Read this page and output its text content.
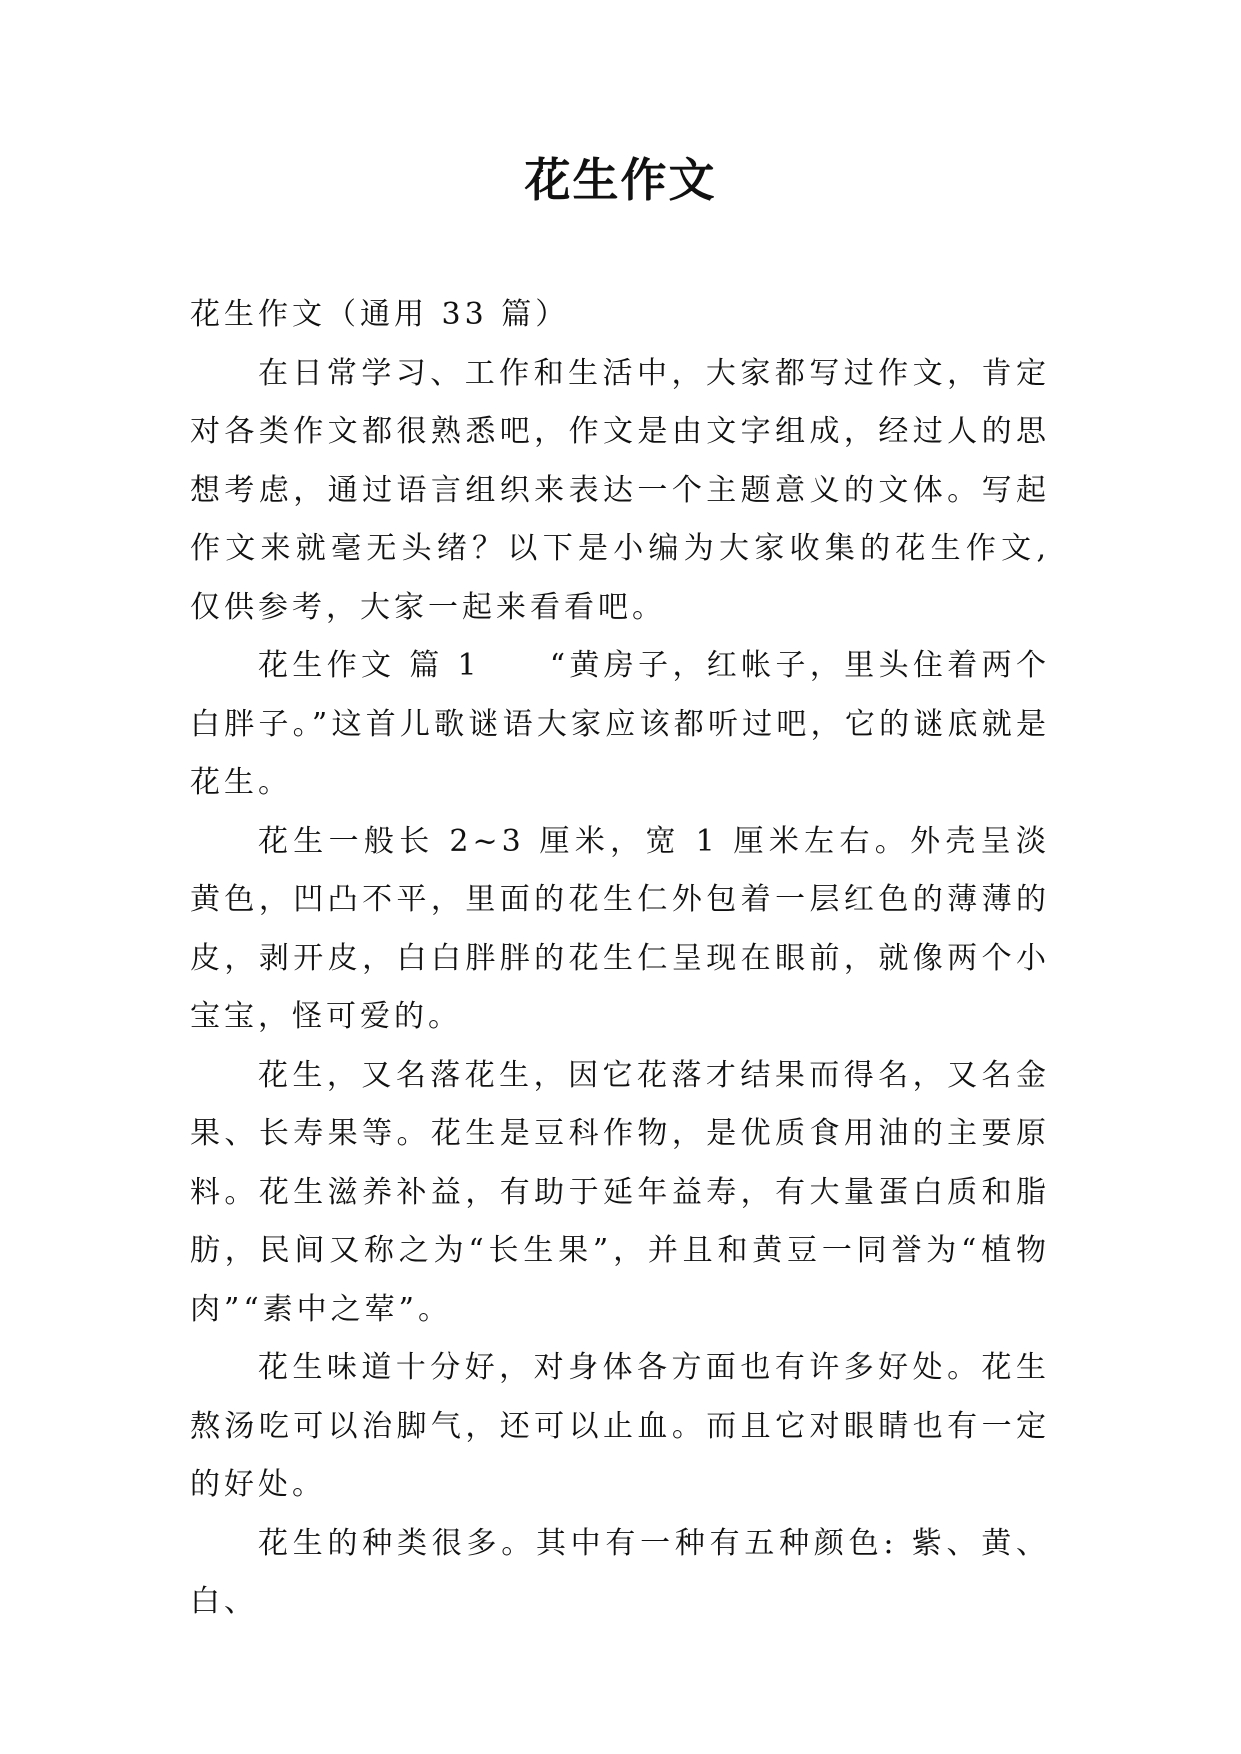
花生作文

花生作文（通用 33 篇）

在日常学习、工作和生活中，大家都写过作文，肯定对各类作文都很熟悉吧，作文是由文字组成，经过人的思想考虑，通过语言组织来表达一个主题意义的文体。写起作文来就毫无头绪？以下是小编为大家收集的花生作文,仅供参考，大家一起来看看吧。

花生作文 篇 1　　“黄房子，红帐子，里头住着两个白胖子。”这首儿歌谜语大家应该都听过吧，它的谜底就是花生。

花生一般长 2~3 厘米，宽 1 厘米左右。外壳呈淡黄色，凹凸不平，里面的花生仁外包着一层红色的薄薄的皮，剥开皮，白白胖胖的花生仁呈现在眼前，就像两个小宝宝，怪可爱的。

花生，又名落花生，因它花落才结果而得名，又名金果、长寿果等。花生是豆科作物，是优质食用油的主要原料。花生滋养补益，有助于延年益寿，有大量蛋白质和脂肪，民间又称之为“长生果”，并且和黄豆一同誉为“植物肉”“素中之荤”。

花生味道十分好，对身体各方面也有许多好处。花生熬汤吃可以治脚气，还可以止血。而且它对眼睛也有一定的好处。

花生的种类很多。其中有一种有五种颜色: 紫、黄、白、
